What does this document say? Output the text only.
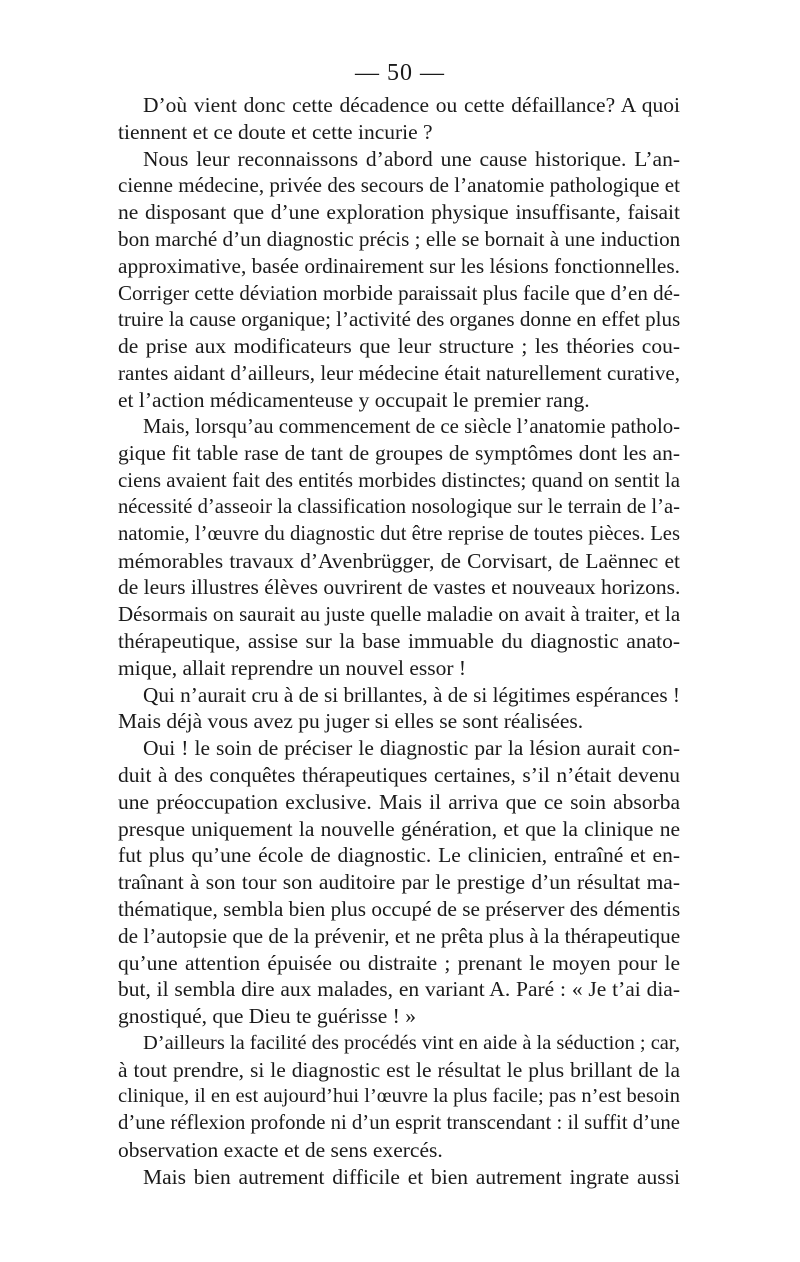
— 50 —
D’où vient donc cette décadence ou cette défaillance? A quoi
tiennent et ce doute et cette incurie ?
Nous leur reconnaissons d’abord une cause historique. L’an-
cienne médecine, privée des secours de l’anatomie pathologique et
ne disposant que d’une exploration physique insuffisante, faisait
bon marché d’un diagnostic précis ; elle se bornait à une induction
approximative, basée ordinairement sur les lésions fonctionnelles.
Corriger cette déviation morbide paraissait plus facile que d’en dé-
truire la cause organique; l’activité des organes donne en effet plus
de prise aux modificateurs que leur structure ; les théories cou-
rantes aidant d’ailleurs, leur médecine était naturellement curative,
et l’action médicamenteuse y occupait le premier rang.
Mais, lorsqu’au commencement de ce siècle l’anatomie patholo-
gique fit table rase de tant de groupes de symptômes dont les an-
ciens avaient fait des entités morbides distinctes; quand on sentit la
nécessité d’asseoir la classification nosologique sur le terrain de l’a-
natomie, l’œuvre du diagnostic dut être reprise de toutes pièces. Les
mémorables travaux d’Avenbrügger, de Corvisart, de Laënnec et
de leurs illustres élèves ouvrirent de vastes et nouveaux horizons.
Désormais on saurait au juste quelle maladie on avait à traiter, et la
thérapeutique, assise sur la base immuable du diagnostic anato-
mique, allait reprendre un nouvel essor !
Qui n’aurait cru à de si brillantes, à de si légitimes espérances !
Mais déjà vous avez pu juger si elles se sont réalisées.
Oui ! le soin de préciser le diagnostic par la lésion aurait con-
duit à des conquêtes thérapeutiques certaines, s’il n’était devenu
une préoccupation exclusive. Mais il arriva que ce soin absorba
presque uniquement la nouvelle génération, et que la clinique ne
fut plus qu’une école de diagnostic. Le clinicien, entraîné et en-
traînant à son tour son auditoire par le prestige d’un résultat ma-
thématique, sembla bien plus occupé de se préserver des démentis
de l’autopsie que de la prévenir, et ne prêta plus à la thérapeutique
qu’une attention épuisée ou distraite ; prenant le moyen pour le
but, il sembla dire aux malades, en variant A. Paré : « Je t’ai dia-
gnostiqué, que Dieu te guérisse ! »
D’ailleurs la facilité des procédés vint en aide à la séduction ; car,
à tout prendre, si le diagnostic est le résultat le plus brillant de la
clinique, il en est aujourd’hui l’œuvre la plus facile; pas n’est besoin
d’une réflexion profonde ni d’un esprit transcendant : il suffit d’une
observation exacte et de sens exercés.
Mais bien autrement difficile et bien autrement ingrate aussi
